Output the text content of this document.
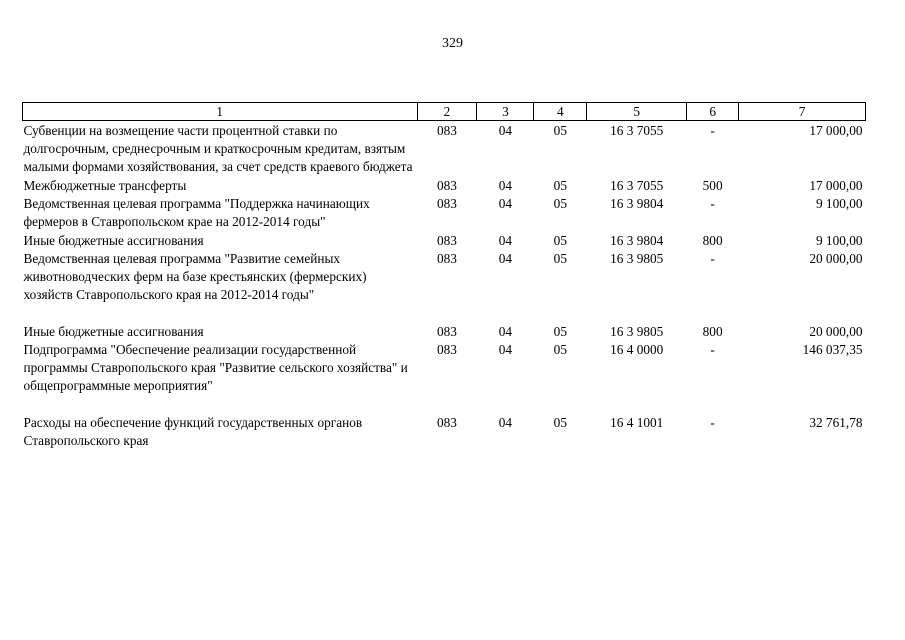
329
1	2	3	4	5	6	7
Субвенции на возмещение части процентной ставки по долгосрочным, среднесрочным и краткосрочным кредитам, взятым малыми формами хозяйствования, за счет средств краевого бюджета	083	04	05	16 3 7055	-	17 000,00
Межбюджетные трансферты	083	04	05	16 3 7055	500	17 000,00
Ведомственная целевая программа "Поддержка начинающих фермеров в Ставропольском крае на 2012-2014 годы"	083	04	05	16 3 9804	-	9 100,00
Иные бюджетные ассигнования	083	04	05	16 3 9804	800	9 100,00
Ведомственная целевая программа "Развитие семейных животноводческих ферм на базе крестьянских (фермерских) хозяйств Ставропольского края на 2012-2014 годы"	083	04	05	16 3 9805	-	20 000,00
Иные бюджетные ассигнования	083	04	05	16 3 9805	800	20 000,00
Подпрограмма "Обеспечение реализации государственной программы Ставропольского края "Развитие сельского хозяйства" и общепрограммные мероприятия"	083	04	05	16 4 0000	-	146 037,35
Расходы на обеспечение функций государственных органов Ставропольского края	083	04	05	16 4 1001	-	32 761,78
